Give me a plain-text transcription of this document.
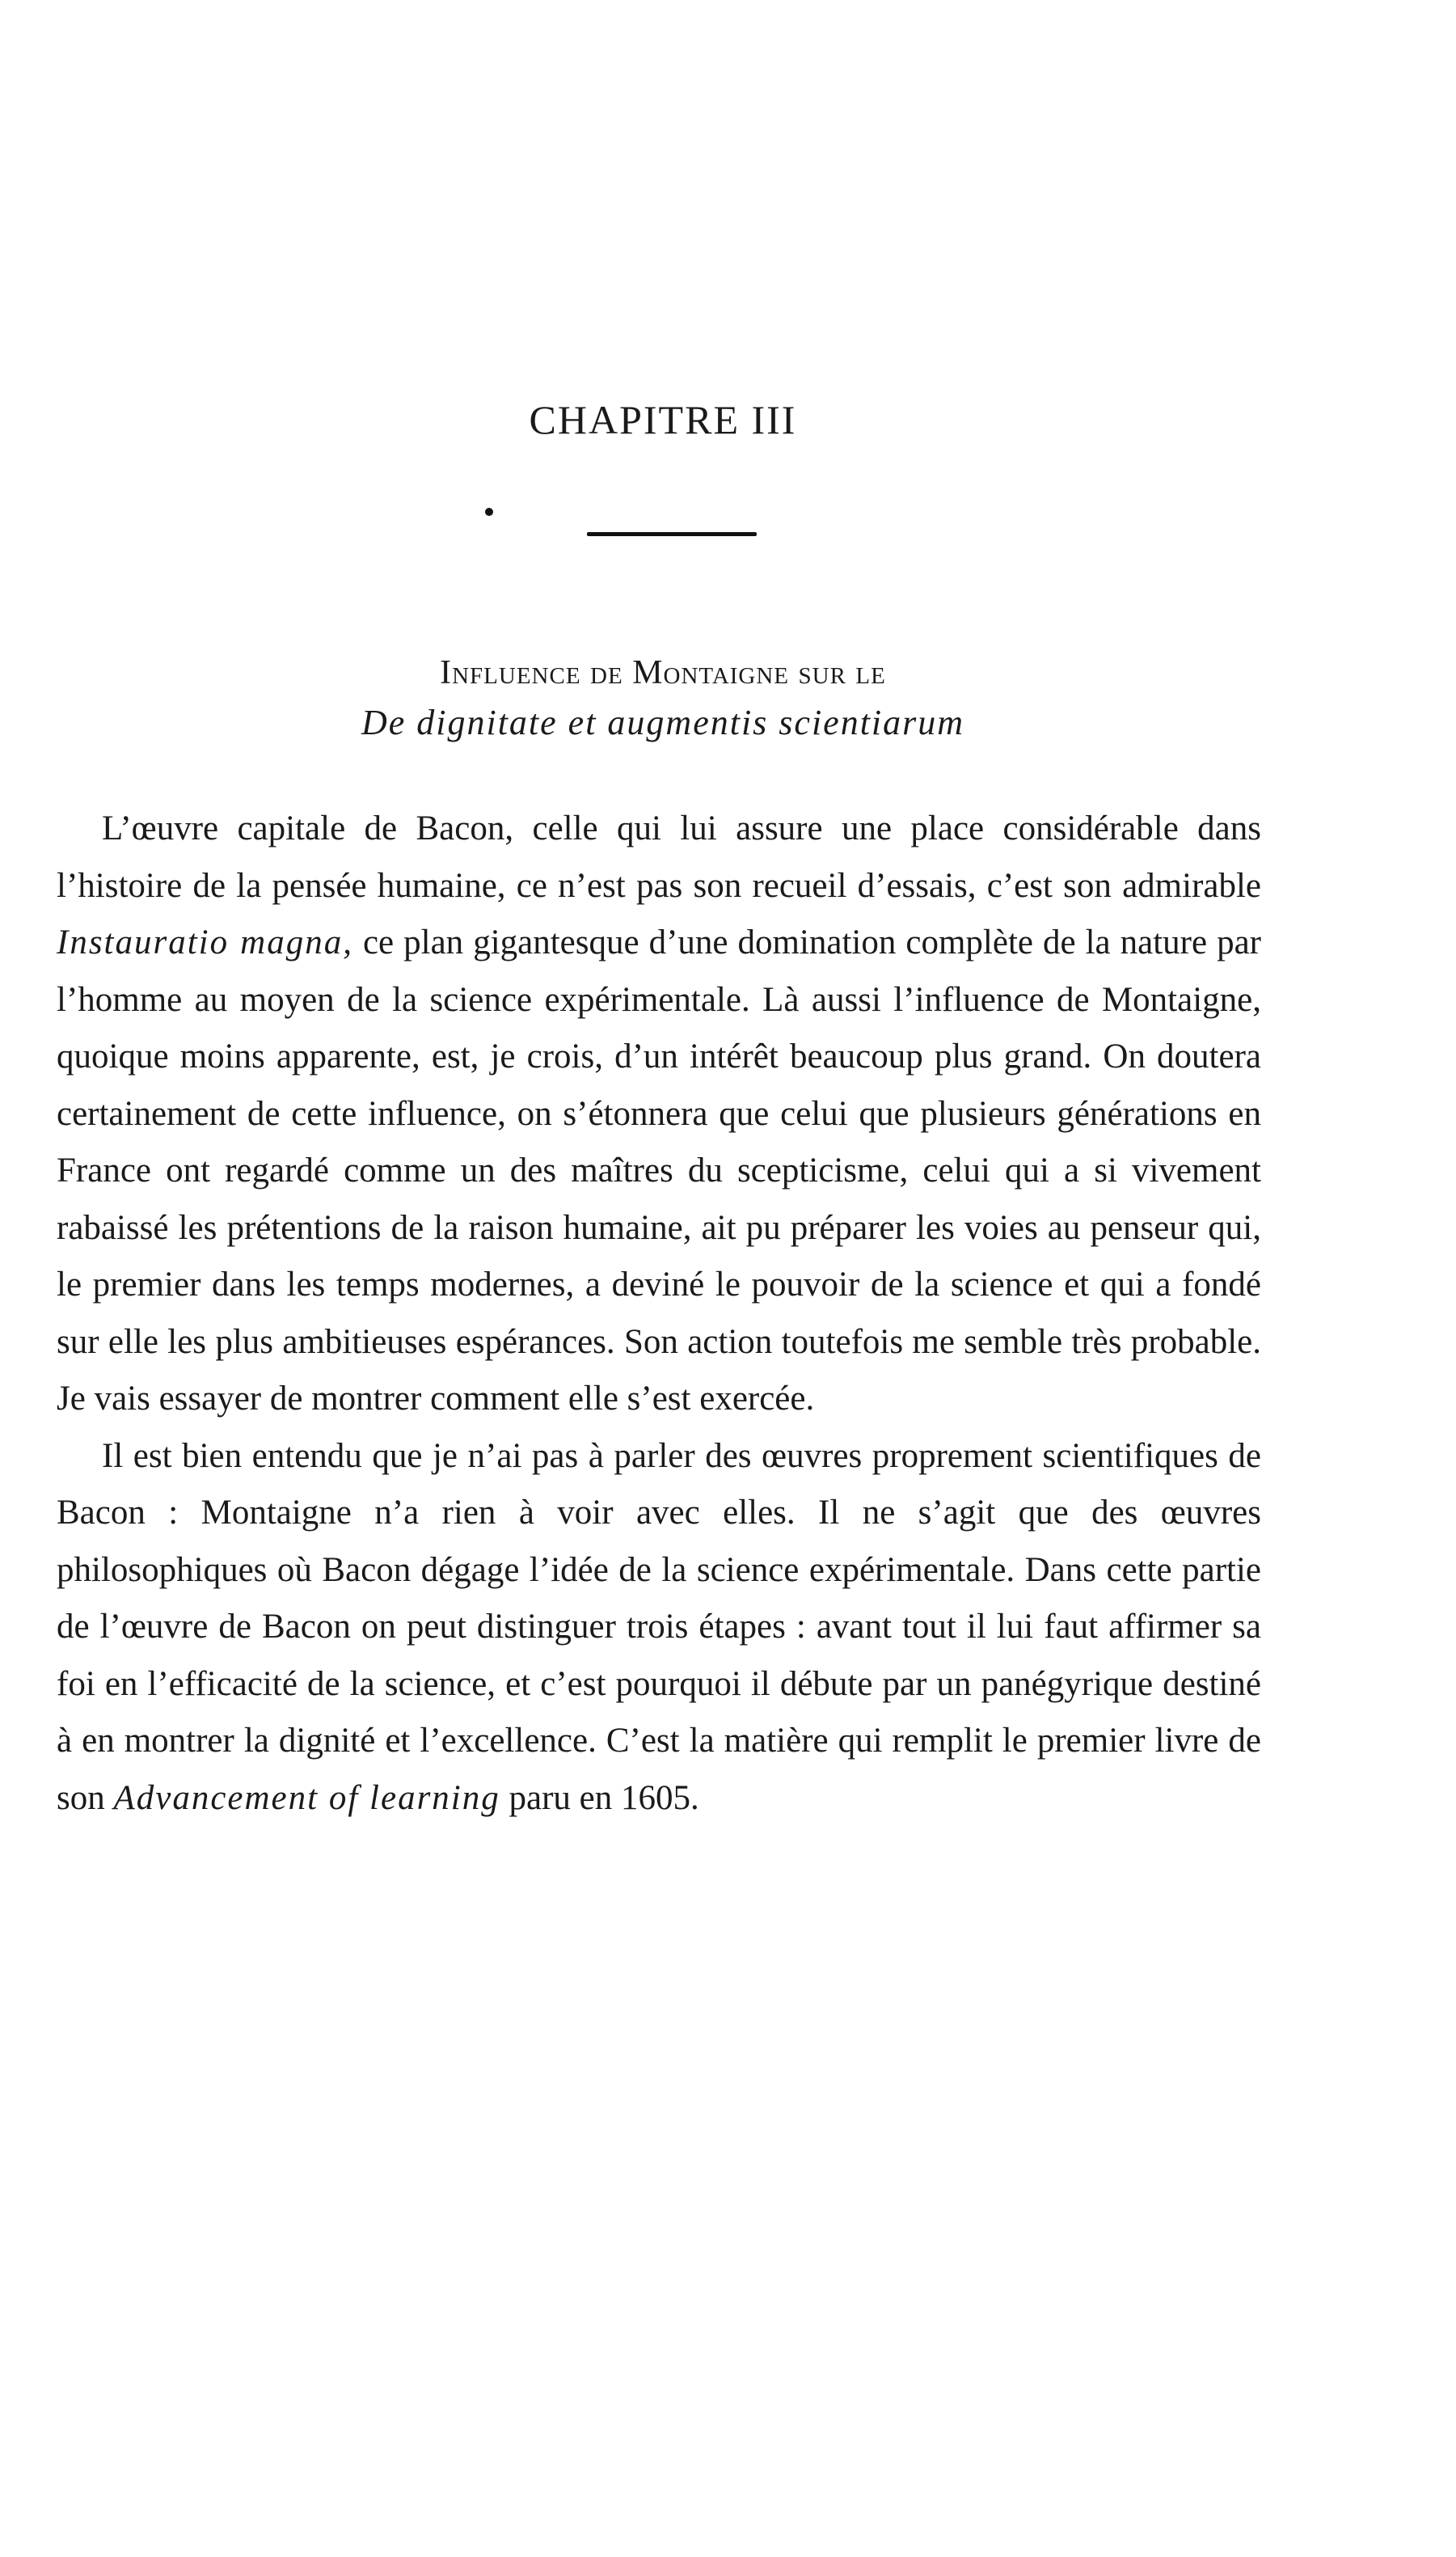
CHAPITRE III
Influence de Montaigne sur le
De dignitate et augmentis scientiarum

L’œuvre capitale de Bacon, celle qui lui assure une place considérable dans l’histoire de la pensée humaine, ce n’est pas son recueil d’essais, c’est son admirable Instauratio magna, ce plan gigantesque d’une domination complète de la nature par l’homme au moyen de la science expérimentale. Là aussi l’influence de Montaigne, quoique moins apparente, est, je crois, d’un intérêt beaucoup plus grand. On doutera certainement de cette influence, on s’étonnera que celui que plusieurs générations en France ont regardé comme un des maîtres du scepticisme, celui qui a si vivement rabaissé les prétentions de la raison humaine, ait pu préparer les voies au penseur qui, le premier dans les temps modernes, a deviné le pouvoir de la science et qui a fondé sur elle les plus ambitieuses espérances. Son action toutefois me semble très probable. Je vais essayer de montrer comment elle s’est exercée.

Il est bien entendu que je n’ai pas à parler des œuvres proprement scientifiques de Bacon : Montaigne n’a rien à voir avec elles. Il ne s’agit que des œuvres philosophiques où Bacon dégage l’idée de la science expérimentale. Dans cette partie de l’œuvre de Bacon on peut distinguer trois étapes : avant tout il lui faut affirmer sa foi en l’efficacité de la science, et c’est pourquoi il débute par un panégyrique destiné à en montrer la dignité et l’excellence. C’est la matière qui remplit le premier livre de son Advancement of learning paru en 1605.
